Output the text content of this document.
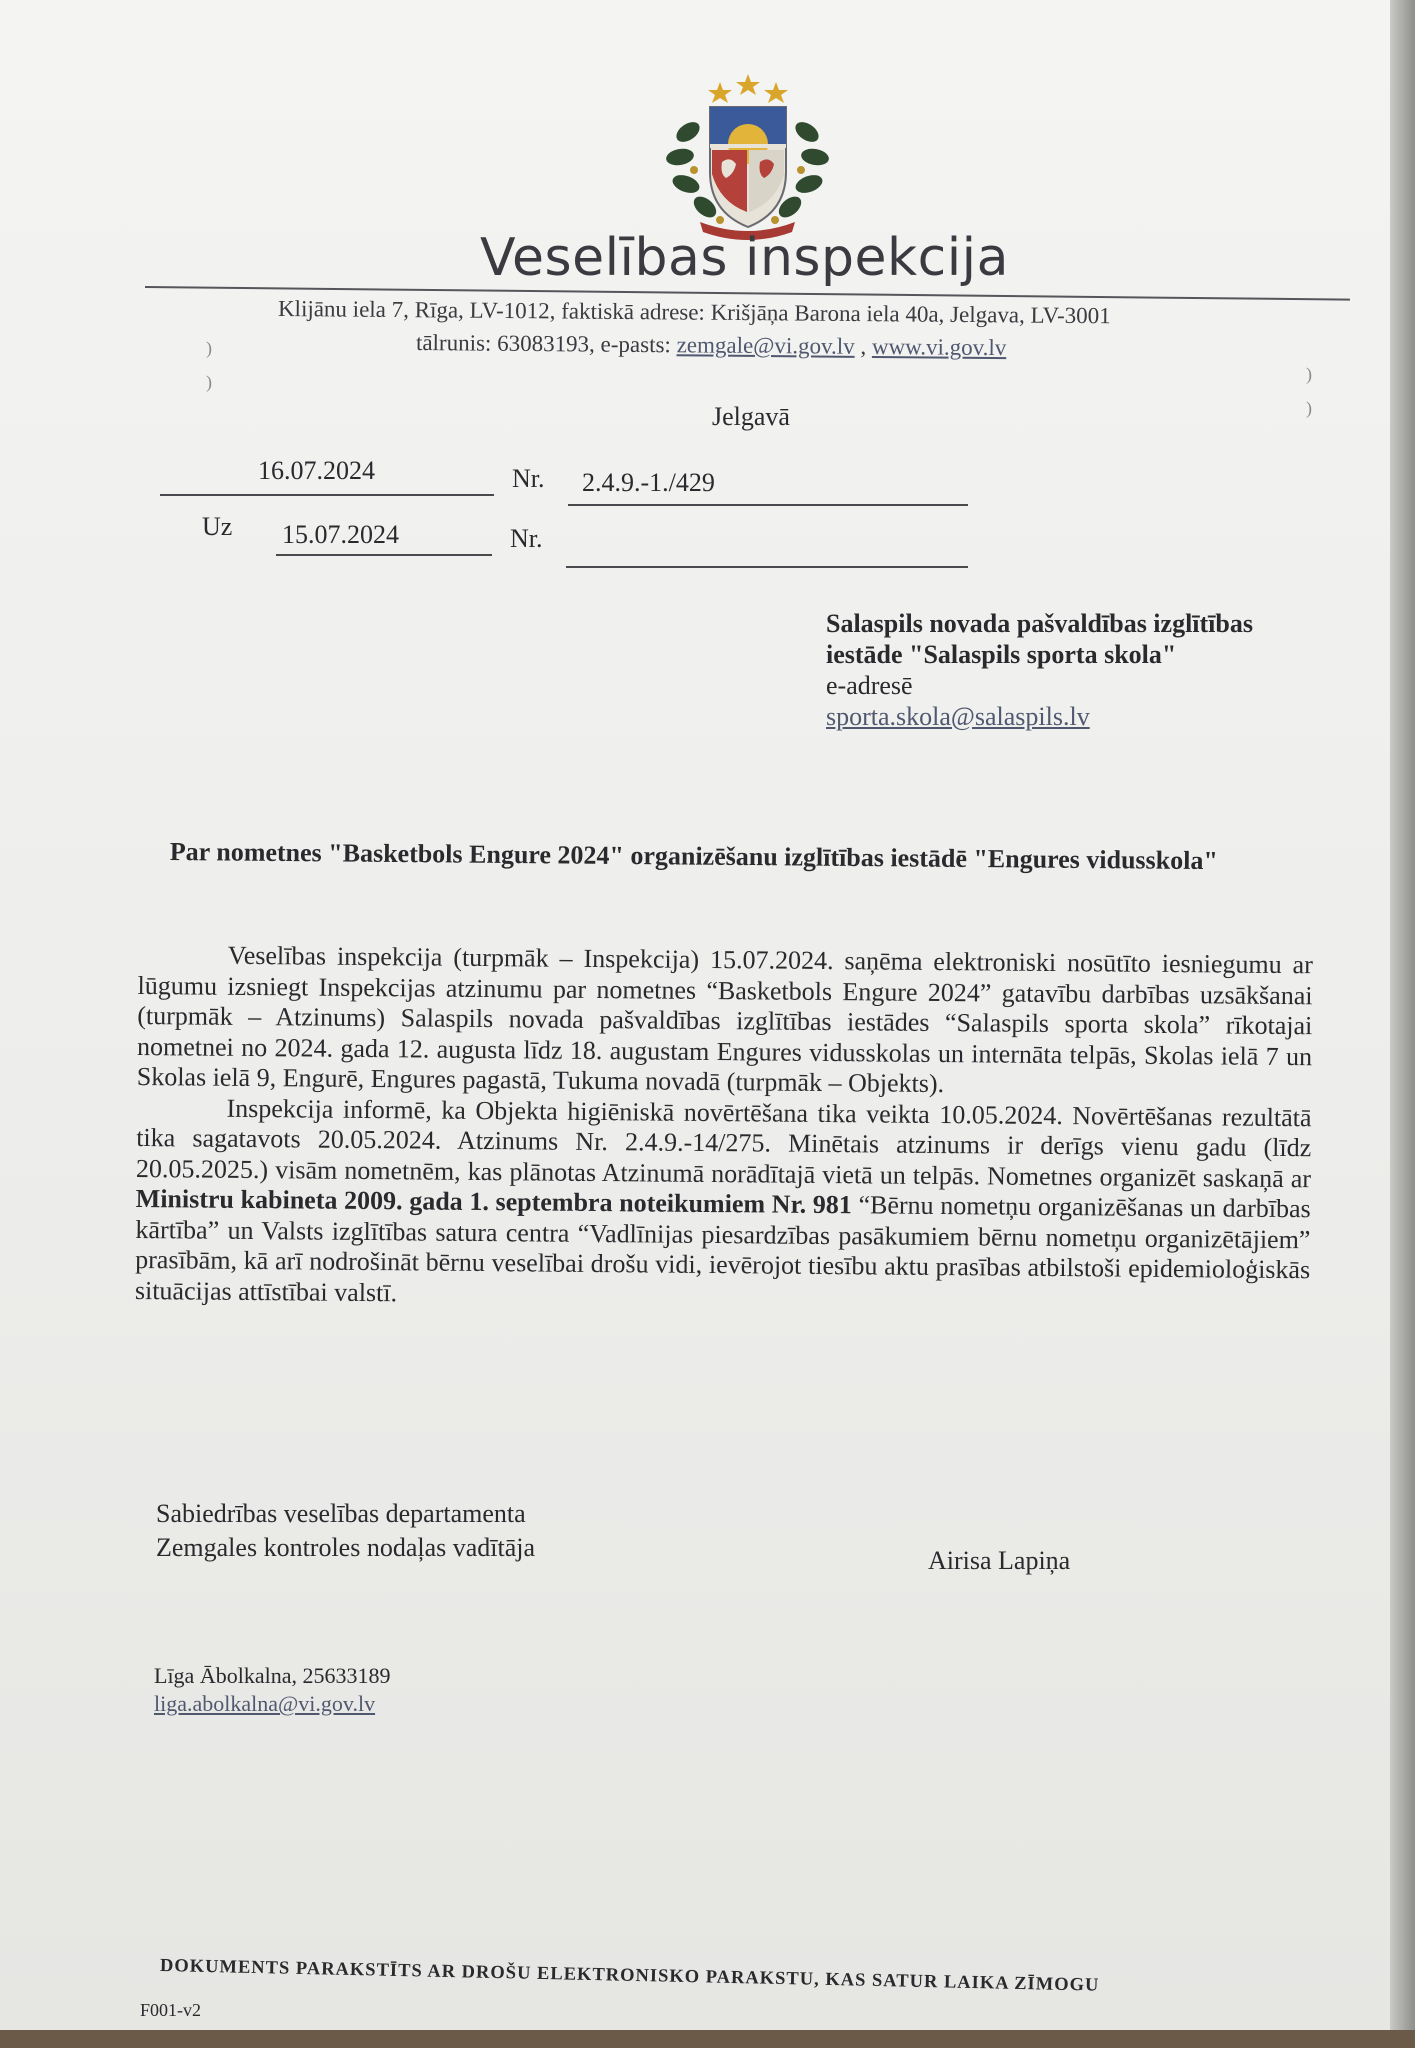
Veselības inspekcija
Klijānu iela 7, Rīga, LV-1012, faktiskā adrese: Krišjāņa Barona iela 40a, Jelgava, LV-3001
tālrunis: 63083193, e-pasts: zemgale@vi.gov.lv , www.vi.gov.lv
)
)	)
)
Jelgavā
16.07.2024	Nr. 2.4.9.-1./429
Uz 15.07.2024	Nr.
Salaspils novada pašvaldības izglītības iestāde "Salaspils sporta skola"
e-adresē
sporta.skola@salaspils.lv
Par nometnes "Basketbols Engure 2024" organizēšanu izglītības iestādē "Engures vidusskola"

Veselības inspekcija (turpmāk – Inspekcija) 15.07.2024. saņēma elektroniski nosūtīto iesniegumu ar lūgumu izsniegt Inspekcijas atzinumu par nometnes “Basketbols Engure 2024” gatavību darbības uzsākšanai (turpmāk – Atzinums) Salaspils novada pašvaldības izglītības iestādes “Salaspils sporta skola” rīkotajai nometnei no 2024. gada 12. augusta līdz 18. augustam Engures vidusskolas un internāta telpās, Skolas ielā 7 un Skolas ielā 9, Engurē, Engures pagastā, Tukuma novadā (turpmāk – Objekts).

Inspekcija informē, ka Objekta higiēniskā novērtēšana tika veikta 10.05.2024. Novērtēšanas rezultātā tika sagatavots 20.05.2024. Atzinums Nr. 2.4.9.-14/275. Minētais atzinums ir derīgs vienu gadu (līdz 20.05.2025.) visām nometnēm, kas plānotas Atzinumā norādītajā vietā un telpās. Nometnes organizēt saskaņā ar Ministru kabineta 2009. gada 1. septembra noteikumiem Nr. 981 “Bērnu nometņu organizēšanas un darbības kārtība” un Valsts izglītības satura centra “Vadlīnijas piesardzības pasākumiem bērnu nometņu organizētājiem” prasībām, kā arī nodrošināt bērnu veselībai drošu vidi, ievērojot tiesību aktu prasības atbilstoši epidemioloģiskās situācijas attīstībai valstī.

Sabiedrības veselības departamenta
Zemgales kontroles nodaļas vadītāja	Airisa Lapiņa
Līga Ābolkalna, 25633189
liga.abolkalna@vi.gov.lv
DOKUMENTS PARAKSTĪTS AR DROŠU ELEKTRONISKO PARAKSTU, KAS SATUR LAIKA ZĪMOGU
F001-v2
